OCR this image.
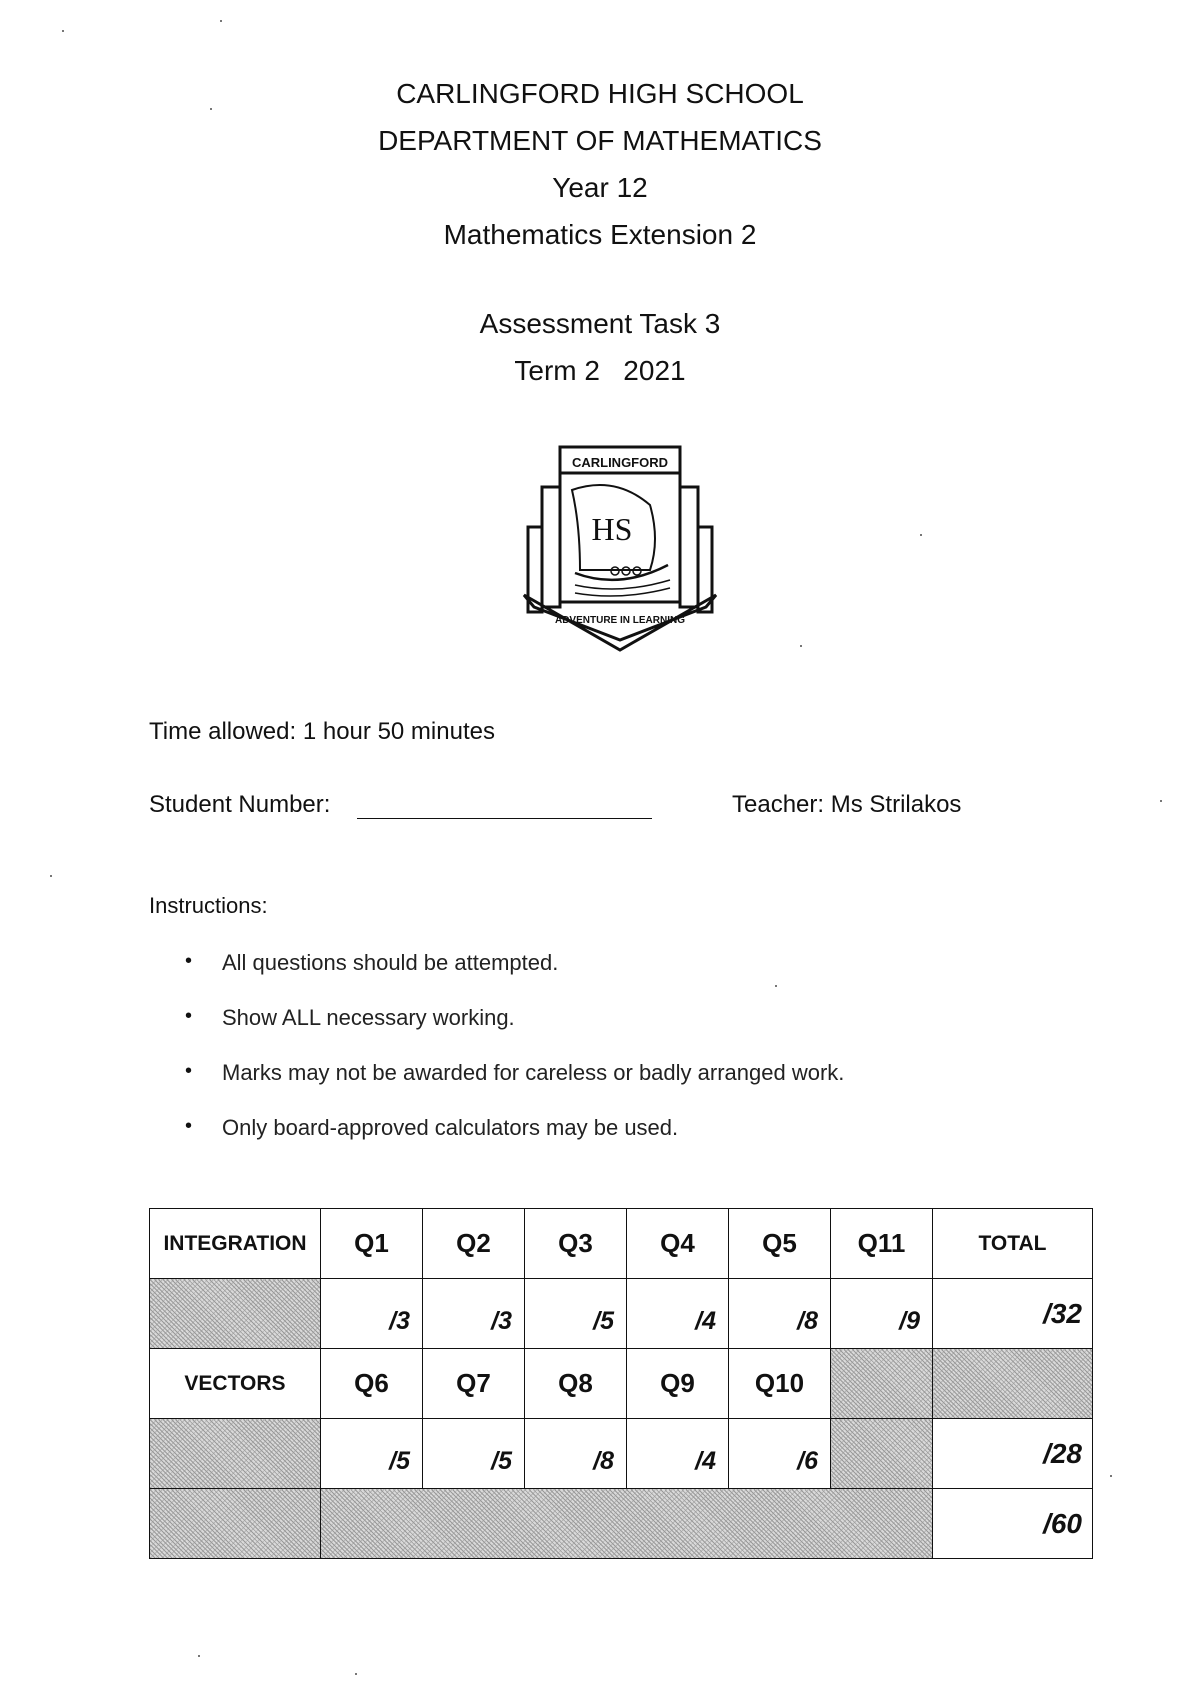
CARLINGFORD HIGH SCHOOL

DEPARTMENT OF MATHEMATICS

Year 12

Mathematics Extension 2

Assessment Task 3
Term 2   2021
CARLINGFORD
HS
ADVENTURE IN LEARNING
Time allowed: 1 hour 50 minutes
Student Number:	Teacher: Ms Strilakos
Instructions:
• All questions should be attempted.
• Show ALL necessary working.
• Marks may not be awarded for careless or badly arranged work.
• Only board-approved calculators may be used.
INTEGRATION	Q1	Q2	Q3	Q4	Q5	Q11	TOTAL
	/3	/3	/5	/4	/8	/9	/32
VECTORS	Q6	Q7	Q8	Q9	Q10		
	/5	/5	/8	/4	/6		/28
							/60
